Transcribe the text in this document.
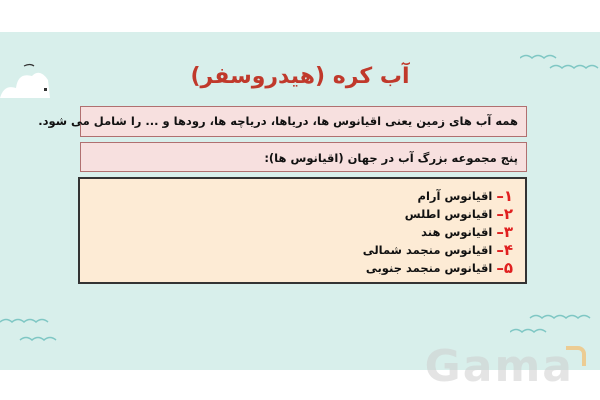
آب کره (هیدروسفر)
همه آب های زمین یعنی اقیانوس ها، دریاها، دریاچه ها، رودها و ... را شامل می شود.
پنج مجموعه بزرگ آب در جهان (اقیانوس ها):
۱–
اقیانوس آرام
۲–
اقیانوس اطلس
۳–
اقیانوس هند
۴–
اقیانوس منجمد شمالی
۵–
اقیانوس منجمد جنوبی
Gama
